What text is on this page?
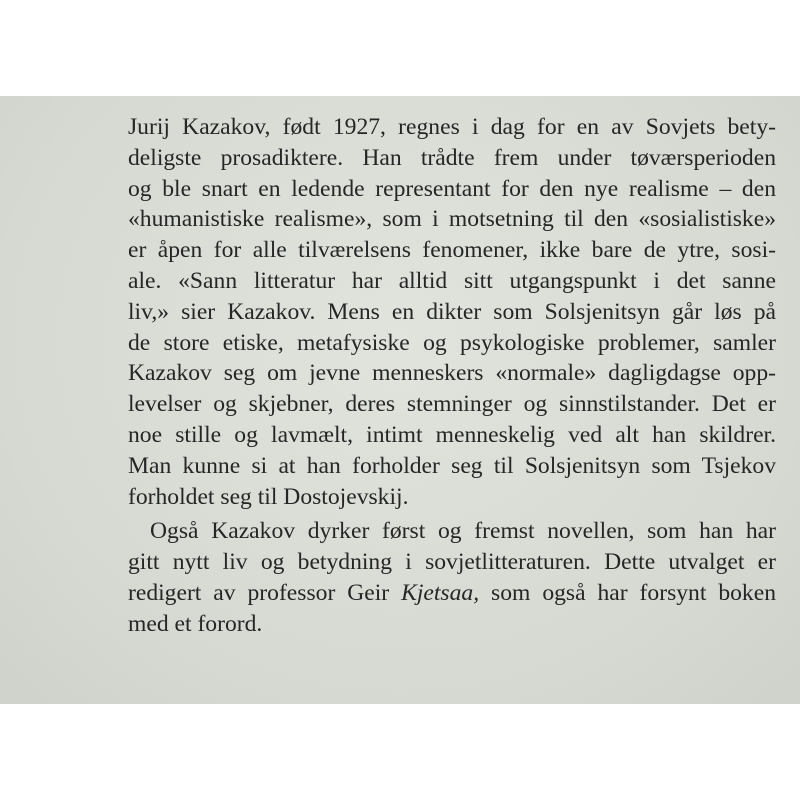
Jurij Kazakov, født 1927, regnes i dag for en av Sovjets bety-
deligste prosadiktere. Han trådte frem under tøværsperioden
og ble snart en ledende representant for den nye realisme – den
«humanistiske realisme», som i motsetning til den «sosialistiske»
er åpen for alle tilværelsens fenomener, ikke bare de ytre, sosi-
ale. «Sann litteratur har alltid sitt utgangspunkt i det sanne
liv,» sier Kazakov. Mens en dikter som Solsjenitsyn går løs på
de store etiske, metafysiske og psykologiske problemer, samler
Kazakov seg om jevne menneskers «normale» dagligdagse opp-
levelser og skjebner, deres stemninger og sinnstilstander. Det er
noe stille og lavmælt, intimt menneskelig ved alt han skildrer.
Man kunne si at han forholder seg til Solsjenitsyn som Tsjekov
forholdet seg til Dostojevskij.
Også Kazakov dyrker først og fremst novellen, som han har
gitt nytt liv og betydning i sovjetlitteraturen. Dette utvalget er
redigert av professor Geir Kjetsaa, som også har forsynt boken
med et forord.
